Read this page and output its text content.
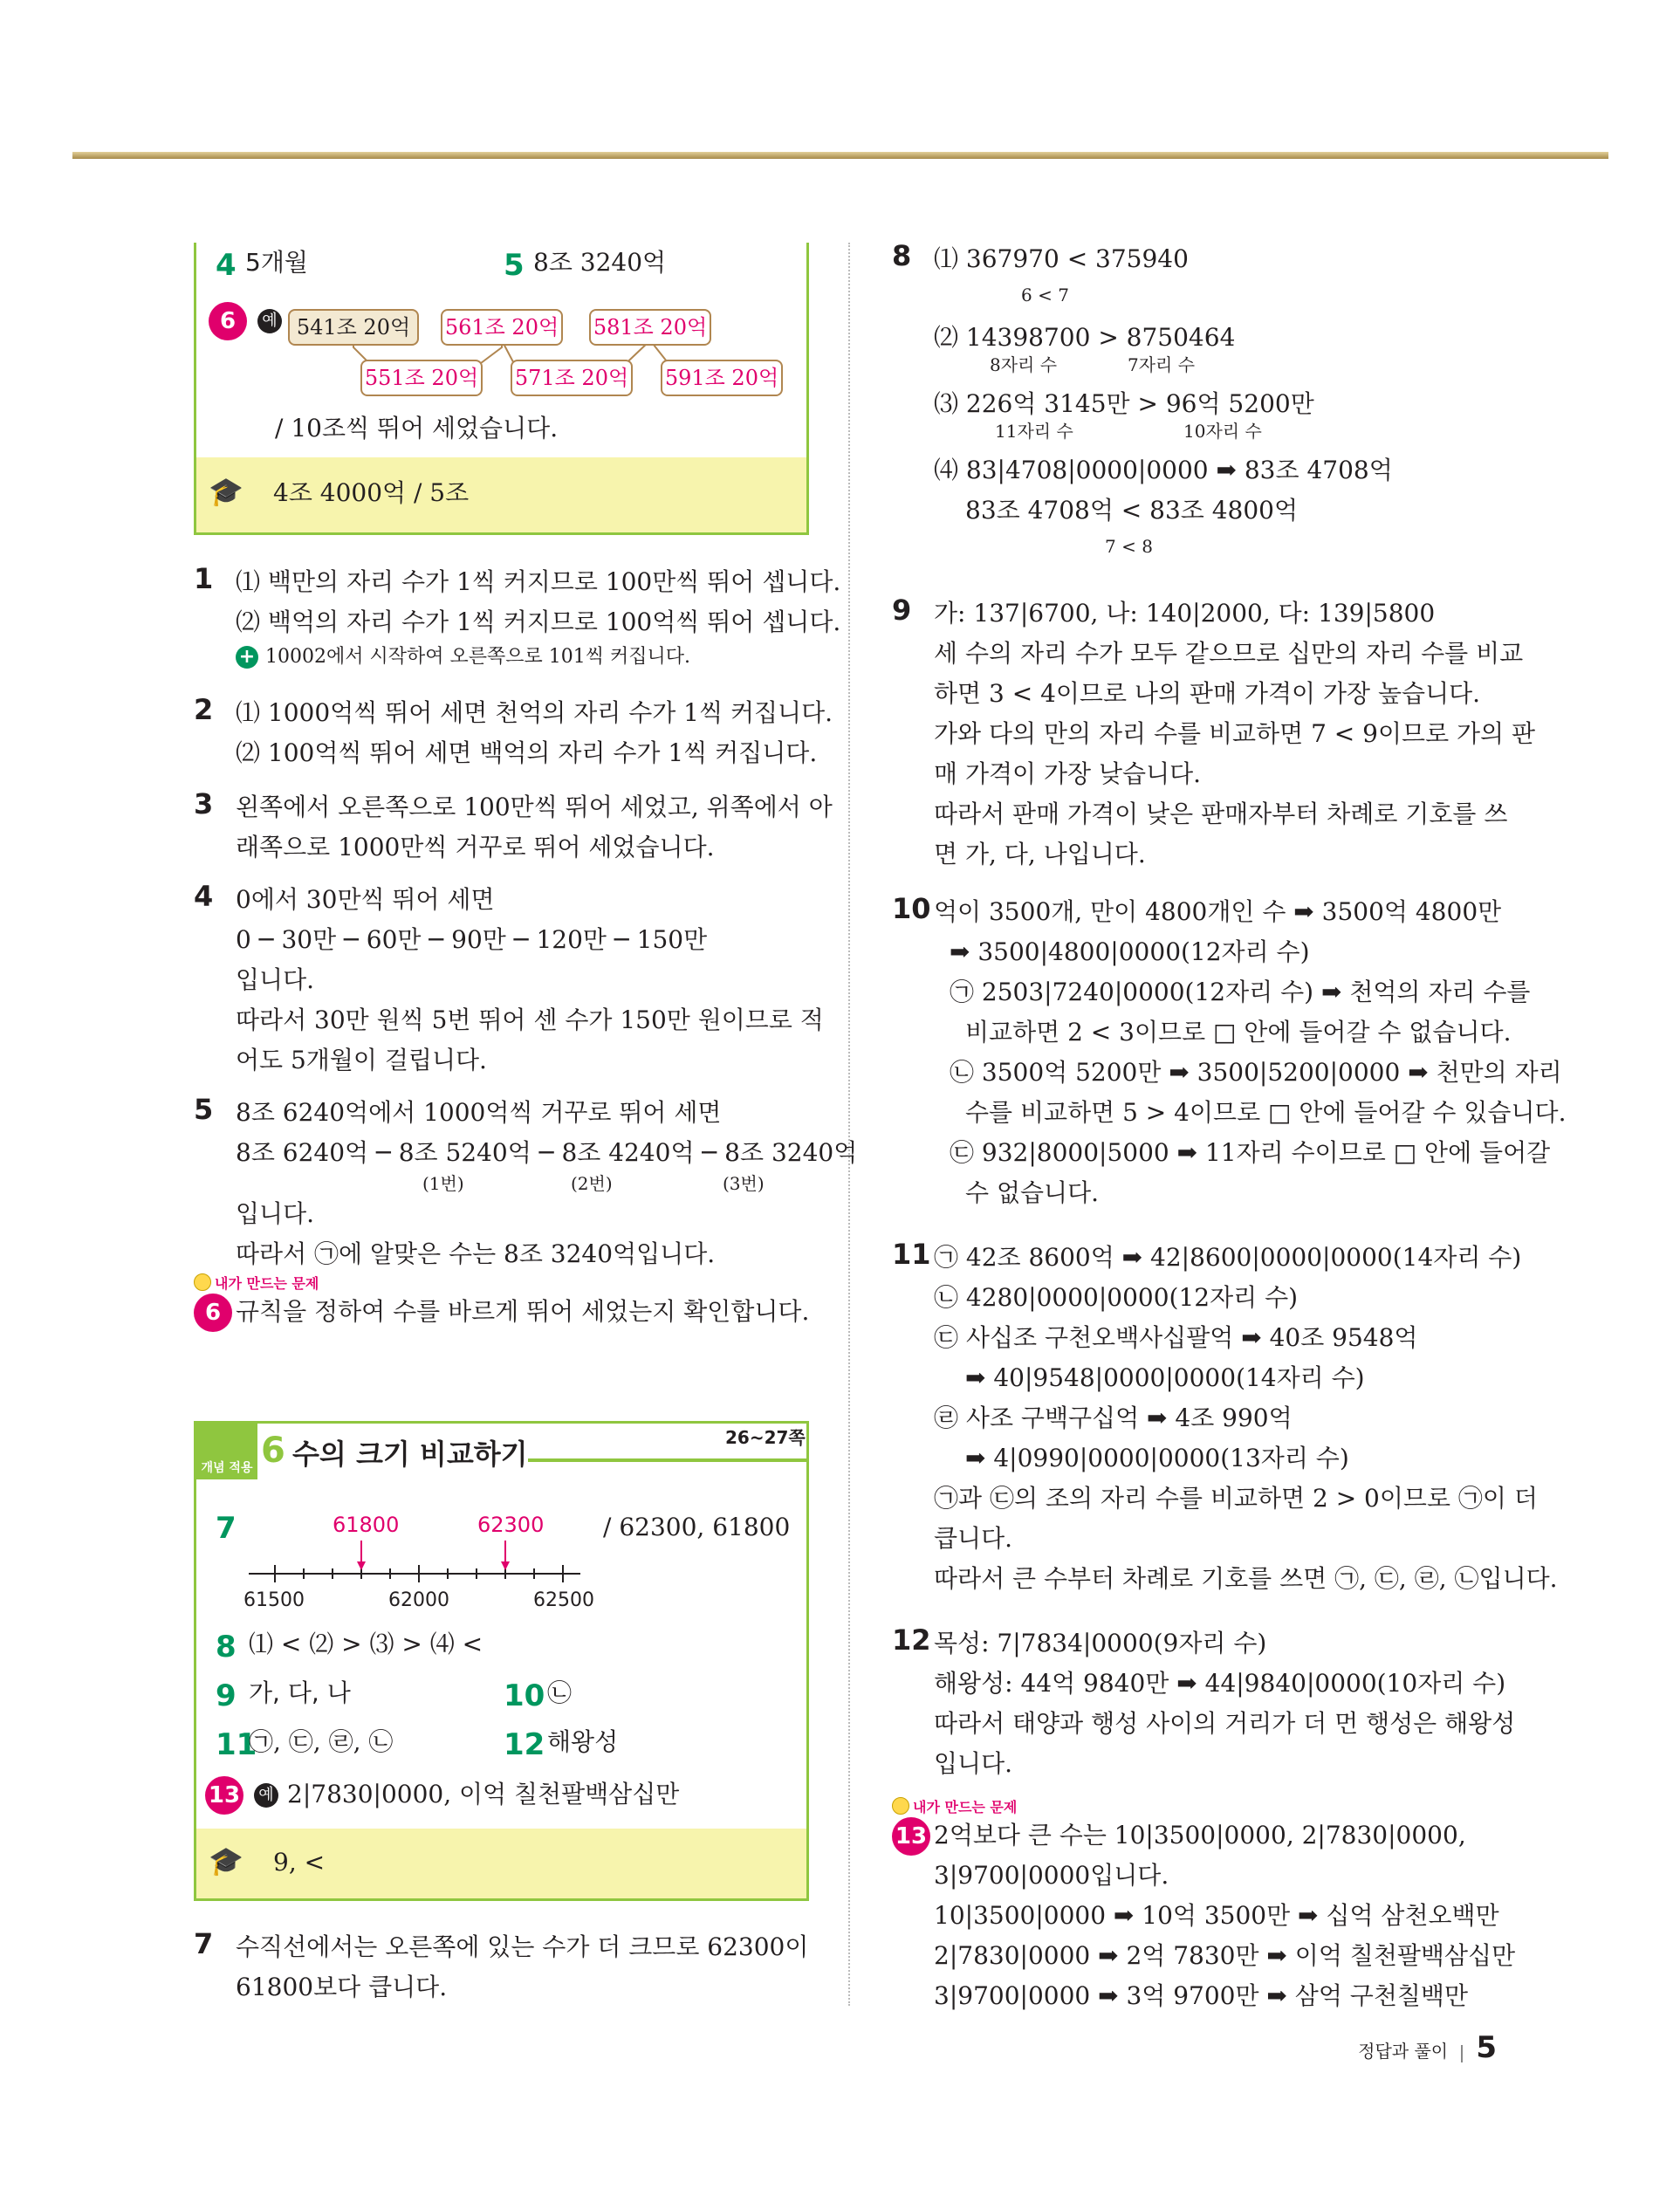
4 5개월	5 8조 3240억
6	예 541조 20억	561조 20억 581조 20억
551조 20억 571조 20억 591조 20억
/ 10조씩 뛰어 세었습니다.
🎓 4조 4000억 / 5조
1 ⑴ 백만의 자리 수가 1씩 커지므로 100만씩 뛰어 셉니다.
⑵ 백억의 자리 수가 1씩 커지므로 100억씩 뛰어 셉니다.
+ 10002에서 시작하여 오른쪽으로 101씩 커집니다.
2 ⑴ 1000억씩 뛰어 세면 천억의 자리 수가 1씩 커집니다.
⑵ 100억씩 뛰어 세면 백억의 자리 수가 1씩 커집니다.
3 왼쪽에서 오른쪽으로 100만씩 뛰어 세었고, 위쪽에서 아
래쪽으로 1000만씩 거꾸로 뛰어 세었습니다.
4 0에서 30만씩 뛰어 세면
0 ─ 30만 ─ 60만 ─ 90만 ─ 120만 ─ 150만
입니다.
따라서 30만 원씩 5번 뛰어 센 수가 150만 원이므로 적
어도 5개월이 걸립니다.
5 8조 6240억에서 1000억씩 거꾸로 뛰어 세면
8조 6240억 ─ 8조 5240억 ─ 8조 4240억 ─ 8조 3240억
(1번)	(2번)	(3번)
입니다.
따라서 ㉠에 알맞은 수는 8조 3240억입니다.
내가 만드는 문제
6 규칙을 정하여 수를 바르게 뛰어 세었는지 확인합니다.
개념 적용 6 수의 크기 비교하기	26~27쪽
7	61800	62300 / 62300, 61800
61500	62000	62500
8 ⑴ < ⑵ > ⑶ > ⑷ <
9 가, 다, 나	10 ㉡
11
㉠, ㉢, ㉣, ㉡	12 해왕성
13 예 2|7830|0000, 이억 칠천팔백삼십만
🎓 9, <
7 수직선에서는 오른쪽에 있는 수가 더 크므로 62300이
61800보다 큽니다.
8 ⑴ 367970 < 375940
6 < 7
⑵ 14398700 > 8750464
8자리 수	7자리 수
⑶ 226억 3145만 > 96억 5200만
11자리 수	10자리 수
⑷ 83|4708|0000|0000 ➡ 83조 4708억
83조 4708억 < 83조 4800억
7 < 8
9 가: 137|6700, 나: 140|2000, 다: 139|5800
세 수의 자리 수가 모두 같으므로 십만의 자리 수를 비교
하면 3 < 4이므로 나의 판매 가격이 가장 높습니다.
가와 다의 만의 자리 수를 비교하면 7 < 9이므로 가의 판
매 가격이 가장 낮습니다.
따라서 판매 가격이 낮은 판매자부터 차례로 기호를 쓰
면 가, 다, 나입니다.
10 억이 3500개, 만이 4800개인 수 ➡ 3500억 4800만
➡ 3500|4800|0000(12자리 수)
㉠ 2503|7240|0000(12자리 수) ➡ 천억의 자리 수를
비교하면 2 < 3이므로 □ 안에 들어갈 수 없습니다.
㉡ 3500억 5200만 ➡ 3500|5200|0000 ➡ 천만의 자리
수를 비교하면 5 > 4이므로 □ 안에 들어갈 수 있습니다.
㉢ 932|8000|5000 ➡ 11자리 수이므로 □ 안에 들어갈
수 없습니다.
11 ㉠ 42조 8600억 ➡ 42|8600|0000|0000(14자리 수)
㉡ 4280|0000|0000(12자리 수)
㉢ 사십조 구천오백사십팔억 ➡ 40조 9548억
➡ 40|9548|0000|0000(14자리 수)
㉣ 사조 구백구십억 ➡ 4조 990억
➡ 4|0990|0000|0000(13자리 수)
㉠과 ㉢의 조의 자리 수를 비교하면 2 > 0이므로 ㉠이 더
큽니다.
따라서 큰 수부터 차례로 기호를 쓰면 ㉠, ㉢, ㉣, ㉡입니다.
12 목성: 7|7834|0000(9자리 수)
해왕성: 44억 9840만 ➡ 44|9840|0000(10자리 수)
따라서 태양과 행성 사이의 거리가 더 먼 행성은 해왕성
입니다.
내가 만드는 문제
13 2억보다 큰 수는 10|3500|0000, 2|7830|0000,
3|9700|0000입니다.
10|3500|0000 ➡ 10억 3500만 ➡ 십억 삼천오백만
2|7830|0000 ➡ 2억 7830만 ➡ 이억 칠천팔백삼십만
3|9700|0000 ➡ 3억 9700만 ➡ 삼억 구천칠백만
정답과 풀이 5
